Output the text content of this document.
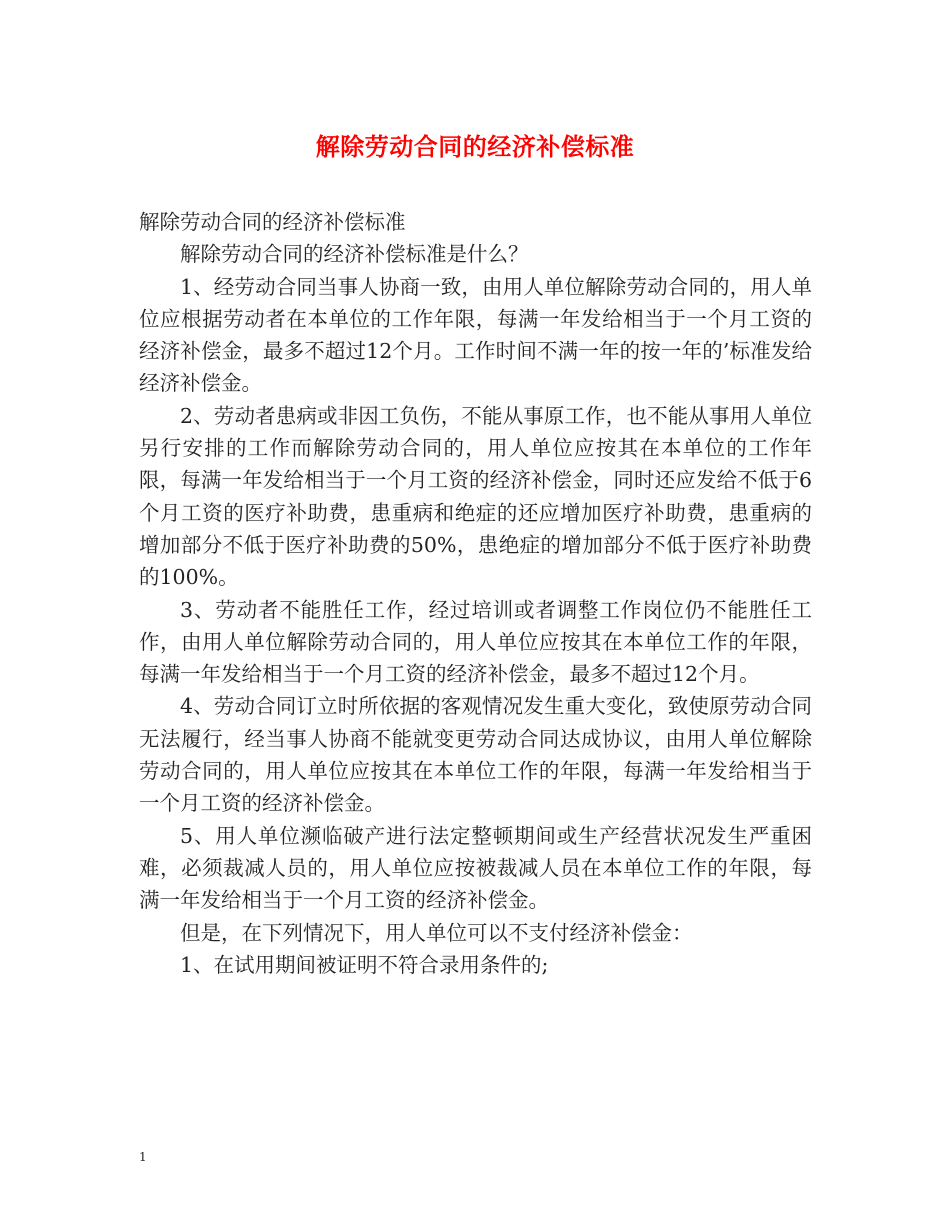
解除劳动合同的经济补偿标准

解除劳动合同的经济补偿标准

解除劳动合同的经济补偿标准是什么？

1、经劳动合同当事人协商一致，由用人单位解除劳动合同的，用人单位应根据劳动者在本单位的工作年限，每满一年发给相当于一个月工资的经济补偿金，最多不超过12个月。工作时间不满一年的按一年的’标准发给经济补偿金。

2、劳动者患病或非因工负伤，不能从事原工作，也不能从事用人单位另行安排的工作而解除劳动合同的，用人单位应按其在本单位的工作年限，每满一年发给相当于一个月工资的经济补偿金，同时还应发给不低于6个月工资的医疗补助费，患重病和绝症的还应增加医疗补助费，患重病的增加部分不低于医疗补助费的50%，患绝症的增加部分不低于医疗补助费的100%。

3、劳动者不能胜任工作，经过培训或者调整工作岗位仍不能胜任工作，由用人单位解除劳动合同的，用人单位应按其在本单位工作的年限，每满一年发给相当于一个月工资的经济补偿金，最多不超过12个月。

4、劳动合同订立时所依据的客观情况发生重大变化，致使原劳动合同无法履行，经当事人协商不能就变更劳动合同达成协议，由用人单位解除劳动合同的，用人单位应按其在本单位工作的年限，每满一年发给相当于一个月工资的经济补偿金。

5、用人单位濒临破产进行法定整顿期间或生产经营状况发生严重困难，必须裁减人员的，用人单位应按被裁减人员在本单位工作的年限，每满一年发给相当于一个月工资的经济补偿金。

但是，在下列情况下，用人单位可以不支付经济补偿金：

1、在试用期间被证明不符合录用条件的;

1
